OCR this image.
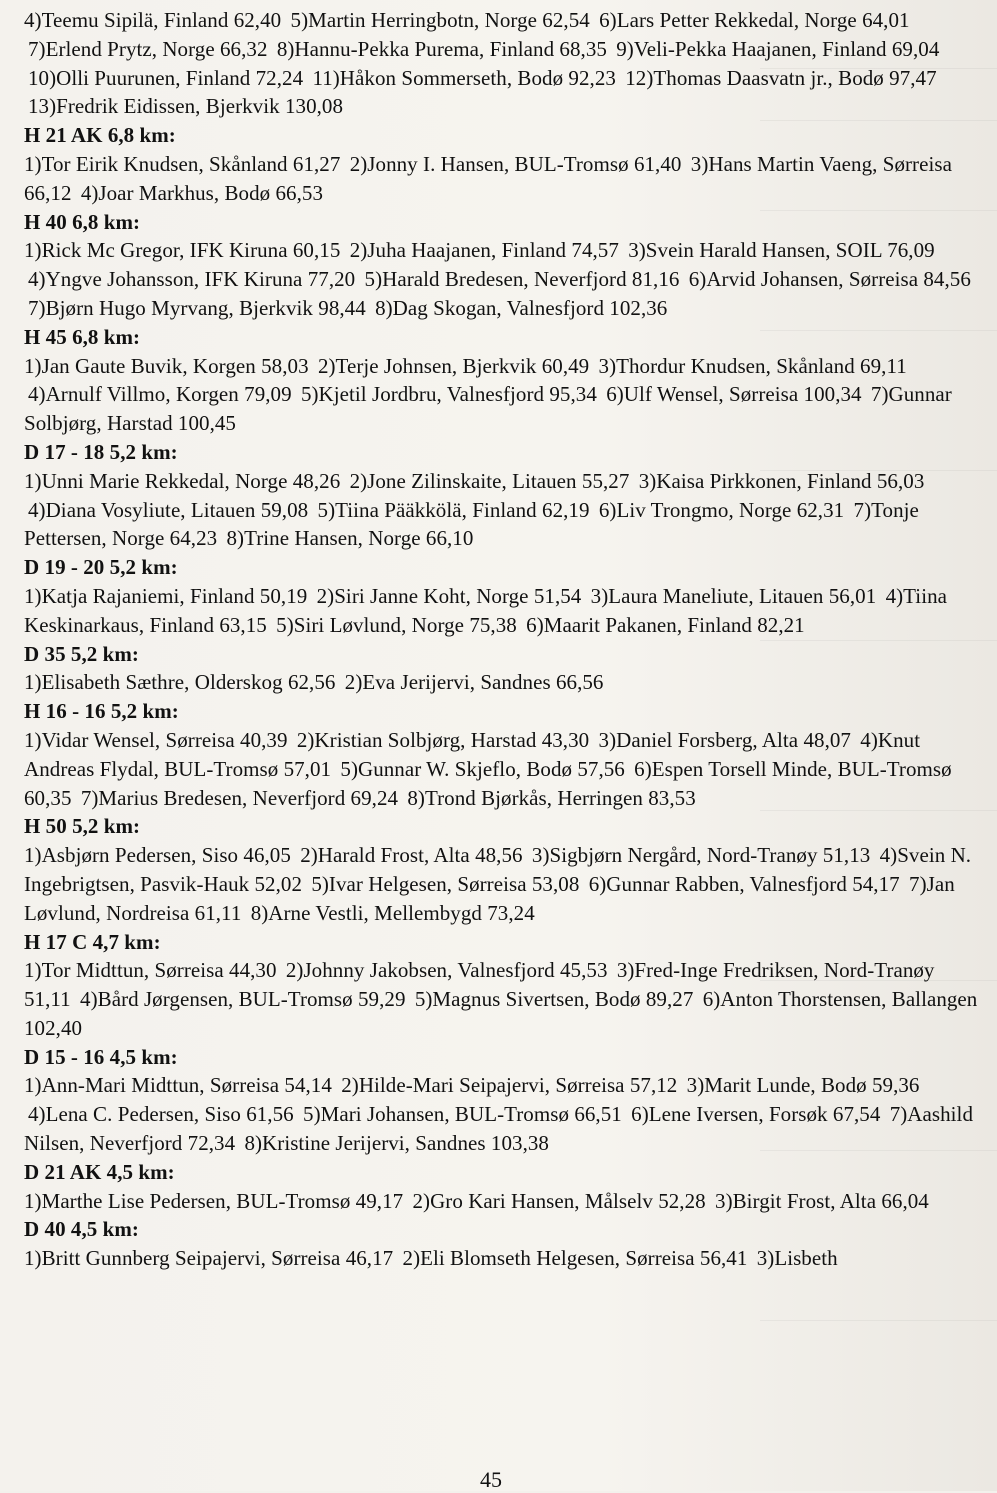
4)Teemu Sipilä, Finland 62,40 5)Martin Herringbotn, Norge 62,54 6)Lars Petter Rekkedal, Norge 64,01 7)Erlend Prytz, Norge 66,32 8)Hannu-Pekka Purema, Finland 68,35 9)Veli-Pekka Haajanen, Finland 69,04 10)Olli Puurunen, Finland 72,24 11)Håkon Sommerseth, Bodø 92,23 12)Thomas Daasvatn jr., Bodø 97,47 13)Fredrik Eidissen, Bjerkvik 130,08
H 21 AK 6,8 km:
1)Tor Eirik Knudsen, Skånland 61,27 2)Jonny I. Hansen, BUL-Tromsø 61,40 3)Hans Martin Vaeng, Sørreisa 66,12 4)Joar Markhus, Bodø 66,53
H 40 6,8 km:
1)Rick Mc Gregor, IFK Kiruna 60,15 2)Juha Haajanen, Finland 74,57 3)Svein Harald Hansen, SOIL 76,09 4)Yngve Johansson, IFK Kiruna 77,20 5)Harald Bredesen, Neverfjord 81,16 6)Arvid Johansen, Sørreisa 84,56 7)Bjørn Hugo Myrvang, Bjerkvik 98,44 8)Dag Skogan, Valnesfjord 102,36
H 45 6,8 km:
1)Jan Gaute Buvik, Korgen 58,03 2)Terje Johnsen, Bjerkvik 60,49 3)Thordur Knudsen, Skånland 69,11 4)Arnulf Villmo, Korgen 79,09 5)Kjetil Jordbru, Valnesfjord 95,34 6)Ulf Wensel, Sørreisa 100,34 7)Gunnar Solbjørg, Harstad 100,45
D 17 - 18 5,2 km:
1)Unni Marie Rekkedal, Norge 48,26 2)Jone Zilinskaite, Litauen 55,27 3)Kaisa Pirkkonen, Finland 56,03 4)Diana Vosyliute, Litauen 59,08 5)Tiina Pääkkölä, Finland 62,19 6)Liv Trongmo, Norge 62,31 7)Tonje Pettersen, Norge 64,23 8)Trine Hansen, Norge 66,10
D 19 - 20 5,2 km:
1)Katja Rajaniemi, Finland 50,19 2)Siri Janne Koht, Norge 51,54 3)Laura Maneliute, Litauen 56,01 4)Tiina Keskinarkaus, Finland 63,15 5)Siri Løvlund, Norge 75,38 6)Maarit Pakanen, Finland 82,21
D 35 5,2 km:
1)Elisabeth Sæthre, Olderskog 62,56 2)Eva Jerijervi, Sandnes 66,56
H 16 - 16 5,2 km:
1)Vidar Wensel, Sørreisa 40,39 2)Kristian Solbjørg, Harstad 43,30 3)Daniel Forsberg, Alta 48,07 4)Knut Andreas Flydal, BUL-Tromsø 57,01 5)Gunnar W. Skjeflo, Bodø 57,56 6)Espen Torsell Minde, BUL-Tromsø 60,35 7)Marius Bredesen, Neverfjord 69,24 8)Trond Bjørkås, Herringen 83,53
H 50 5,2 km:
1)Asbjørn Pedersen, Siso 46,05 2)Harald Frost, Alta 48,56 3)Sigbjørn Nergård, Nord-Tranøy 51,13 4)Svein N. Ingebrigtsen, Pasvik-Hauk 52,02 5)Ivar Helgesen, Sørreisa 53,08 6)Gunnar Rabben, Valnesfjord 54,17 7)Jan Løvlund, Nordreisa 61,11 8)Arne Vestli, Mellembygd 73,24
H 17 C 4,7 km:
1)Tor Midttun, Sørreisa 44,30 2)Johnny Jakobsen, Valnesfjord 45,53 3)Fred-Inge Fredriksen, Nord-Tranøy 51,11 4)Bård Jørgensen, BUL-Tromsø 59,29 5)Magnus Sivertsen, Bodø 89,27 6)Anton Thorstensen, Ballangen 102,40
D 15 - 16 4,5 km:
1)Ann-Mari Midttun, Sørreisa 54,14 2)Hilde-Mari Seipajervi, Sørreisa 57,12 3)Marit Lunde, Bodø 59,36 4)Lena C. Pedersen, Siso 61,56 5)Mari Johansen, BUL-Tromsø 66,51 6)Lene Iversen, Forsøk 67,54 7)Aashild Nilsen, Neverfjord 72,34 8)Kristine Jerijervi, Sandnes 103,38
D 21 AK 4,5 km:
1)Marthe Lise Pedersen, BUL-Tromsø 49,17 2)Gro Kari Hansen, Målselv 52,28 3)Birgit Frost, Alta 66,04
D 40 4,5 km:
1)Britt Gunnberg Seipajervi, Sørreisa 46,17 2)Eli Blomseth Helgesen, Sørreisa 56,41 3)Lisbeth
45
